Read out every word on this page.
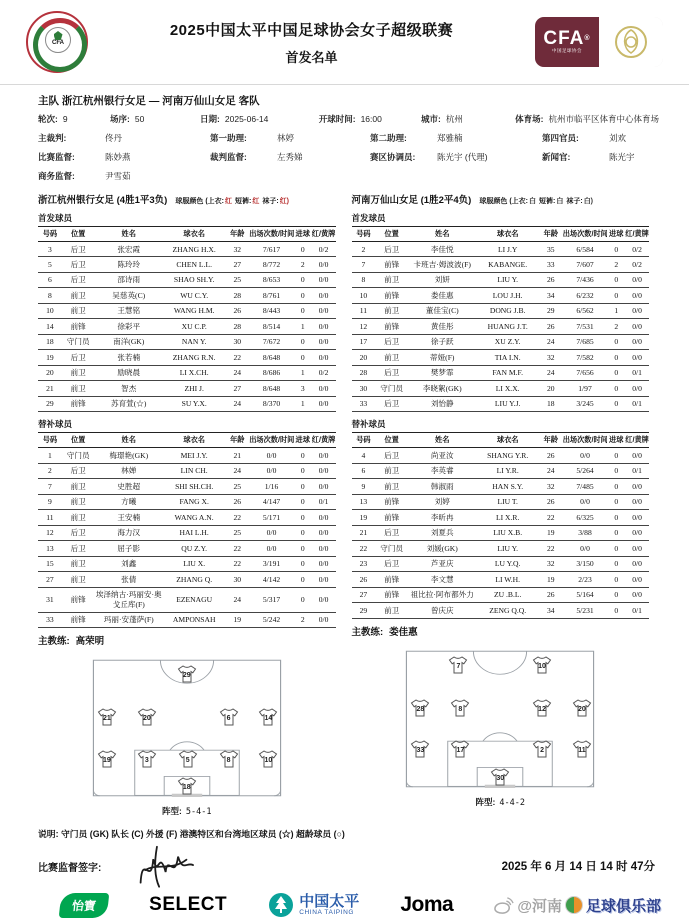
CFA
2025中国太平中国足球协会女子超级联赛
首发名单
CFA®
中国足球协会
主队 浙江杭州银行女足 — 河南万仙山女足 客队
轮次: 9	场序: 50	日期: 2025-06-14	开球时间: 16:00	城市: 杭州	体育场: 杭州市临平区体育中心体育场
主裁判:	佟丹	第一助理:	林婷	第二助理:	郑雅楠	第四官员:	刘欢
比赛监督:	陈妙燕	裁判监督:	左秀娣	赛区协调员:	陈光宇 (代理)	新闻官:	陈光宇
商务监督:	尹雪茹
浙江杭州银行女足 (4胜1平3负) 球服颜色 (上衣:红 短裤:红 袜子:红)
首发球员
号码	位置	姓名	球衣名	年龄	出场次数/时间	进球	红/黄牌
3	后卫	张宏霞	ZHANG H.X.	32	7/617	0	0/2
5	后卫	陈玲玲	CHEN L.L.	27	8/772	2	0/0
6	后卫	邵诗雨	SHAO SH.Y.	25	8/653	0	0/0
8	前卫	吴慈英(C)	WU C.Y.	28	8/761	0	0/0
10	前卫	王慧铭	WANG H.M.	26	8/443	0	0/0
14	前锋	徐彩平	XU C.P.	28	8/514	1	0/0
18	守门员	南洋(GK)	NAN Y.	30	7/672	0	0/0
19	后卫	张若楠	ZHANG R.N.	22	8/648	0	0/0
20	前卫	励晓晨	LI X.CH.	24	8/686	1	0/2
21	前卫	智杰	ZHI J.	27	8/648	3	0/0
29	前锋	苏育萱(☆)	SU Y.X.	24	8/370	1	0/0
替补球员
号码	位置	姓名	球衣名	年龄	出场次数/时间	进球	红/黄牌
1	守门员	梅璟艳(GK)	MEI J.Y.	21	0/0	0	0/0
2	后卫	林婵	LIN CH.	24	0/0	0	0/0
7	前卫	史胜超	SHI SH.CH.	25	1/16	0	0/0
9	前卫	方曦	FANG X.	26	4/147	0	0/1
11	前卫	王安楠	WANG A.N.	22	5/171	0	0/0
12	后卫	海力汉	HAI L.H.	25	0/0	0	0/0
13	后卫	屈子影	QU Z.Y.	22	0/0	0	0/0
15	前卫	刘鑫	LIU X.	22	3/191	0	0/0
27	前卫	张倩	ZHANG Q.	30	4/142	0	0/0
31	前锋	埃泽纳古·玛丽安·奥戈丘库(F)	EZENAGU	24	5/317	0	0/0
33	前锋	玛丽·安蓬萨(F)	AMPONSAH	19	5/242	2	0/0
主教练: 高荣明
29
21	20	6	14
19	3	5	8	10
18
阵型: 5-4-1
河南万仙山女足 (1胜2平4负) 球服颜色 (上衣:白 短裤:白 袜子:白)
首发球员
号码	位置	姓名	球衣名	年龄	出场次数/时间	进球	红/黄牌
2	后卫	李佳悦	LI J.Y	35	6/584	0	0/2
7	前锋	卡班吉·姆波波(F)	KABANGE.	33	7/607	2	0/2
8	前卫	刘妍	LIU Y.	26	7/436	0	0/0
10	前锋	娄佳惠	LOU J.H.	34	6/232	0	0/0
11	前卫	董佳宝(C)	DONG J.B.	29	6/562	1	0/0
12	前锋	黄佳彤	HUANG J.T.	26	7/531	2	0/0
17	后卫	徐子跃	XU Z.Y.	24	7/685	0	0/0
20	前卫	蒂娅(F)	TIA I.N.	32	7/582	0	0/0
28	后卫	樊梦霏	FAN M.F.	24	7/656	0	0/1
30	守门员	李晓絮(GK)	LI X.X.	20	1/97	0	0/0
33	后卫	刘怡静	LIU Y.J.	18	3/245	0	0/1
替补球员
号码	位置	姓名	球衣名	年龄	出场次数/时间	进球	红/黄牌
4	后卫	尚亚汝	SHANG Y.R.	26	0/0	0	0/0
6	前卫	李英睿	LI Y.R.	24	5/264	0	0/1
9	前卫	韩淑雨	HAN S.Y.	32	7/485	0	0/0
13	前锋	刘婷	LIU T.	26	0/0	0	0/0
19	前锋	李昕冉	LI X.R.	22	6/325	0	0/0
21	后卫	刘夏兵	LIU X.B.	19	3/88	0	0/0
22	守门员	刘媛(GK)	LIU Y.	22	0/0	0	0/0
23	后卫	芦亚庆	LU Y.Q.	32	3/150	0	0/0
26	前锋	李文慧	LI W.H.	19	2/23	0	0/0
27	前锋	祖比拉·阿布都外力	ZU .B.L.	26	5/164	0	0/0
29	前卫	曾庆庆	ZENG Q.Q.	34	5/231	0	0/1
主教练: 娄佳惠
7	10
28	8	12	20
33	17	2	11
30
阵型: 4-4-2
说明: 守门员 (GK) 队长 (C) 外援 (F) 港澳特区和台湾地区球员 (☆) 超龄球员 (○)
比赛监督签字:	2025 年 6 月 14 日 14 时 47分
怡寶	SELECT	中国太平
CHINA TAIPING Joma	@河南 足球俱乐部
